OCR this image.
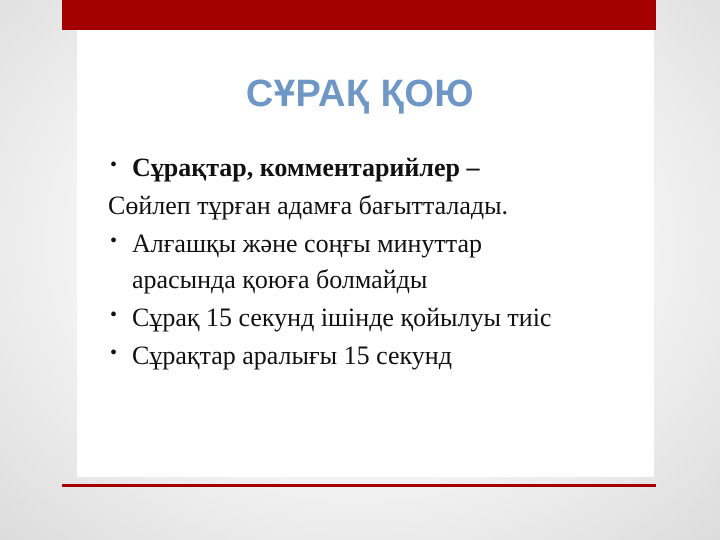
СҰРАҚ ҚОЮ
• Сұрақтар, комментарийлер –
Сөйлеп тұрған адамға бағытталады.
• Алғашқы және соңғы минуттар
арасында қоюға болмайды
• Сұрақ 15 секунд ішінде қойылуы тиіс
• Сұрақтар аралығы 15 секунд
